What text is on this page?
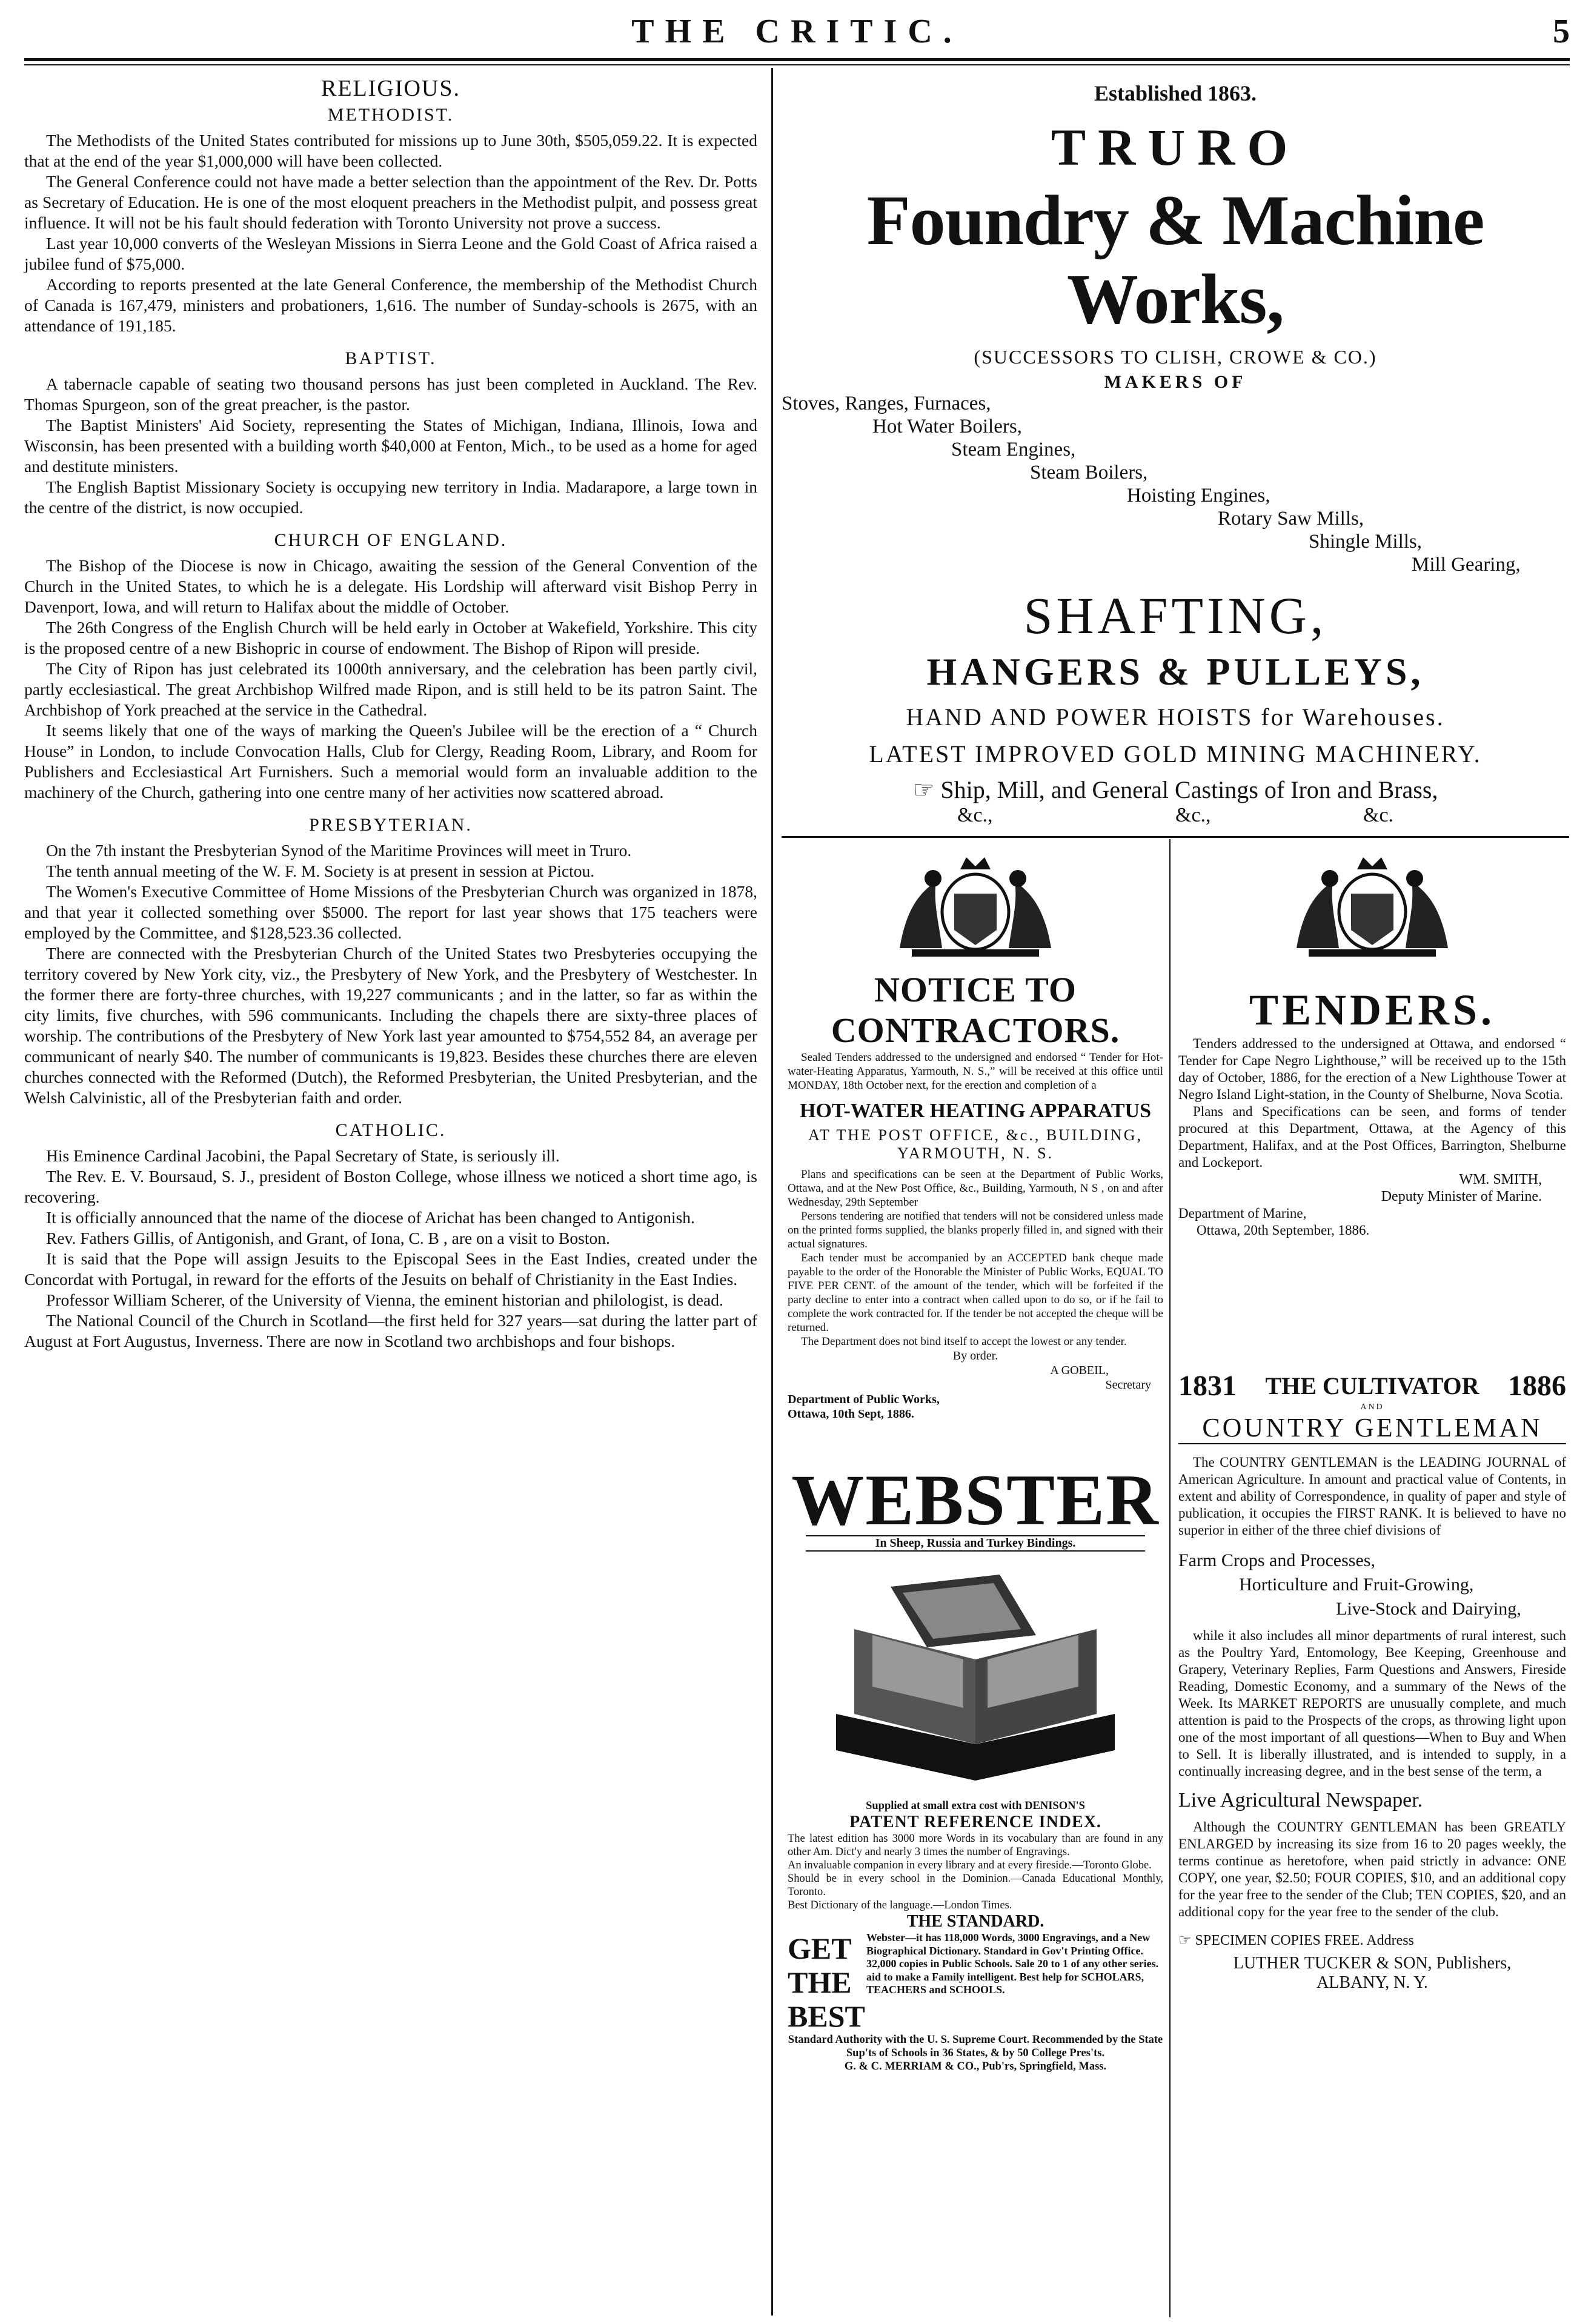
THE CRITIC.	5
RELIGIOUS.
METHODIST.

The Methodists of the United States contributed for missions up to June 30th, $505,059.22. It is expected that at the end of the year $1,000,000 will have been collected.

The General Conference could not have made a better selection than the appointment of the Rev. Dr. Potts as Secretary of Education. He is one of the most eloquent preachers in the Methodist pulpit, and possess great influence. It will not be his fault should federation with Toronto University not prove a success.

Last year 10,000 converts of the Wesleyan Missions in Sierra Leone and the Gold Coast of Africa raised a jubilee fund of $75,000.

According to reports presented at the late General Conference, the membership of the Methodist Church of Canada is 167,479, ministers and probationers, 1,616. The number of Sunday-schools is 2675, with an attendance of 191,185.

BAPTIST.

A tabernacle capable of seating two thousand persons has just been completed in Auckland. The Rev. Thomas Spurgeon, son of the great preacher, is the pastor.

The Baptist Ministers' Aid Society, representing the States of Michigan, Indiana, Illinois, Iowa and Wisconsin, has been presented with a building worth $40,000 at Fenton, Mich., to be used as a home for aged and destitute ministers.

The English Baptist Missionary Society is occupying new territory in India. Madarapore, a large town in the centre of the district, is now occupied.

CHURCH OF ENGLAND.

The Bishop of the Diocese is now in Chicago, awaiting the session of the General Convention of the Church in the United States, to which he is a delegate. His Lordship will afterward visit Bishop Perry in Davenport, Iowa, and will return to Halifax about the middle of October.

The 26th Congress of the English Church will be held early in October at Wakefield, Yorkshire. This city is the proposed centre of a new Bishopric in course of endowment. The Bishop of Ripon will preside.

The City of Ripon has just celebrated its 1000th anniversary, and the celebration has been partly civil, partly ecclesiastical. The great Archbishop Wilfred made Ripon, and is still held to be its patron Saint. The Archbishop of York preached at the service in the Cathedral.

It seems likely that one of the ways of marking the Queen's Jubilee will be the erection of a “ Church House” in London, to include Convocation Halls, Club for Clergy, Reading Room, Library, and Room for Publishers and Ecclesiastical Art Furnishers. Such a memorial would form an invaluable addition to the machinery of the Church, gathering into one centre many of her activities now scattered abroad.

PRESBYTERIAN.

On the 7th instant the Presbyterian Synod of the Maritime Provinces will meet in Truro.

The tenth annual meeting of the W. F. M. Society is at present in session at Pictou.

The Women's Executive Committee of Home Missions of the Presbyterian Church was organized in 1878, and that year it collected something over $5000. The report for last year shows that 175 teachers were employed by the Committee, and $128,523.36 collected.

There are connected with the Presbyterian Church of the United States two Presbyteries occupying the territory covered by New York city, viz., the Presbytery of New York, and the Presbytery of Westchester. In the former there are forty-three churches, with 19,227 communicants ; and in the latter, so far as within the city limits, five churches, with 596 communicants. Including the chapels there are sixty-three places of worship. The contributions of the Presbytery of New York last year amounted to $754,552 84, an average per communicant of nearly $40. The number of communicants is 19,823. Besides these churches there are eleven churches connected with the Reformed (Dutch), the Reformed Presbyterian, the United Presbyterian, and the Welsh Calvinistic, all of the Presbyterian faith and order.

CATHOLIC.

His Eminence Cardinal Jacobini, the Papal Secretary of State, is seriously ill.

The Rev. E. V. Boursaud, S. J., president of Boston College, whose illness we noticed a short time ago, is recovering.

It is officially announced that the name of the diocese of Arichat has been changed to Antigonish.

Rev. Fathers Gillis, of Antigonish, and Grant, of Iona, C. B , are on a visit to Boston.

It is said that the Pope will assign Jesuits to the Episcopal Sees in the East Indies, created under the Concordat with Portugal, in reward for the efforts of the Jesuits on behalf of Christianity in the East Indies.

Professor William Scherer, of the University of Vienna, the eminent historian and philologist, is dead.

The National Council of the Church in Scotland—the first held for 327 years—sat during the latter part of August at Fort Augustus, Inverness. There are now in Scotland two archbishops and four bishops.

Established 1863.
TRURO
Foundry & Machine Works,
(SUCCESSORS TO CLISH, CROWE & CO.)
MAKERS OF
Stoves, Ranges, Furnaces,
Hot Water Boilers,
Steam Engines,
Steam Boilers,
Hoisting Engines,
Rotary Saw Mills,
Shingle Mills,
Mill Gearing,
SHAFTING,
HANGERS & PULLEYS,
HAND AND POWER HOISTS for Warehouses.
LATEST IMPROVED GOLD MINING MACHINERY.
☞ Ship, Mill, and General Castings of Iron and Brass,
&c.,	&c.,	&c.
NOTICE TO CONTRACTORS.

Sealed Tenders addressed to the undersigned and endorsed “ Tender for Hot-water-Heating Apparatus, Yarmouth, N. S.,” will be received at this office until MONDAY, 18th October next, for the erection and completion of a

HOT-WATER HEATING APPARATUS
AT THE POST OFFICE, &c., BUILDING, YARMOUTH, N. S.

Plans and specifications can be seen at the Department of Public Works, Ottawa, and at the New Post Office, &c., Building, Yarmouth, N S , on and after Wednesday, 29th September

Persons tendering are notified that tenders will not be considered unless made on the printed forms supplied, the blanks properly filled in, and signed with their actual signatures.

Each tender must be accompanied by an ACCEPTED bank cheque made payable to the order of the Honorable the Minister of Public Works, EQUAL TO FIVE PER CENT. of the amount of the tender, which will be forfeited if the party decline to enter into a contract when called upon to do so, or if he fail to complete the work contracted for. If the tender be not accepted the cheque will be returned.

The Department does not bind itself to accept the lowest or any tender.

By order.
A GOBEIL,
Secretary
Department of Public Works,
Ottawa, 10th Sept, 1886.
WEBSTER
In Sheep, Russia and Turkey Bindings.
Supplied at small extra cost with DENISON'S
PATENT REFERENCE INDEX.

The latest edition has 3000 more Words in its vocabulary than are found in any other Am. Dict'y and nearly 3 times the number of Engravings.

An invaluable companion in every library and at every fireside.—Toronto Globe.

Should be in every school in the Dominion.—Canada Educational Monthly, Toronto.

Best Dictionary of the language.—London Times.

THE STANDARD.
GET
THE
BEST
Webster—it has 118,000 Words, 3000 Engravings, and a New Biographical Dictionary. Standard in Gov't Printing Office. 32,000 copies in Public Schools. Sale 20 to 1 of any other series. aid to make a Family intelligent. Best help for SCHOLARS, TEACHERS and SCHOOLS.
Standard Authority with the U. S. Supreme Court. Recommended by the State Sup'ts of Schools in 36 States, & by 50 College Pres'ts.
G. & C. MERRIAM & CO., Pub'rs, Springfield, Mass.
TENDERS.

Tenders addressed to the undersigned at Ottawa, and endorsed “ Tender for Cape Negro Lighthouse,” will be received up to the 15th day of October, 1886, for the erection of a New Lighthouse Tower at Negro Island Light-station, in the County of Shelburne, Nova Scotia.

Plans and Specifications can be seen, and forms of tender procured at this Department, Ottawa, at the Agency of this Department, Halifax, and at the Post Offices, Barrington, Shelburne and Lockeport.

WM. SMITH,
Deputy Minister of Marine.
Department of Marine,
Ottawa, 20th September, 1886.
1831	THE CULTIVATOR 1886
AND
COUNTRY GENTLEMAN

The COUNTRY GENTLEMAN is the LEADING JOURNAL of American Agriculture. In amount and practical value of Contents, in extent and ability of Correspondence, in quality of paper and style of publication, it occupies the FIRST RANK. It is believed to have no superior in either of the three chief divisions of

Farm Crops and Processes,
Horticulture and Fruit-Growing,
Live-Stock and Dairying,

while it also includes all minor departments of rural interest, such as the Poultry Yard, Entomology, Bee Keeping, Greenhouse and Grapery, Veterinary Replies, Farm Questions and Answers, Fireside Reading, Domestic Economy, and a summary of the News of the Week. Its MARKET REPORTS are unusually complete, and much attention is paid to the Prospects of the crops, as throwing light upon one of the most important of all questions—When to Buy and When to Sell. It is liberally illustrated, and is intended to supply, in a continually increasing degree, and in the best sense of the term, a

Live Agricultural Newspaper.

Although the COUNTRY GENTLEMAN has been GREATLY ENLARGED by increasing its size from 16 to 20 pages weekly, the terms continue as heretofore, when paid strictly in advance: ONE COPY, one year, $2.50; FOUR COPIES, $10, and an additional copy for the year free to the sender of the Club; TEN COPIES, $20, and an additional copy for the year free to the sender of the club.

☞ SPECIMEN COPIES FREE. Address
LUTHER TUCKER & SON, Publishers,
ALBANY, N. Y.
